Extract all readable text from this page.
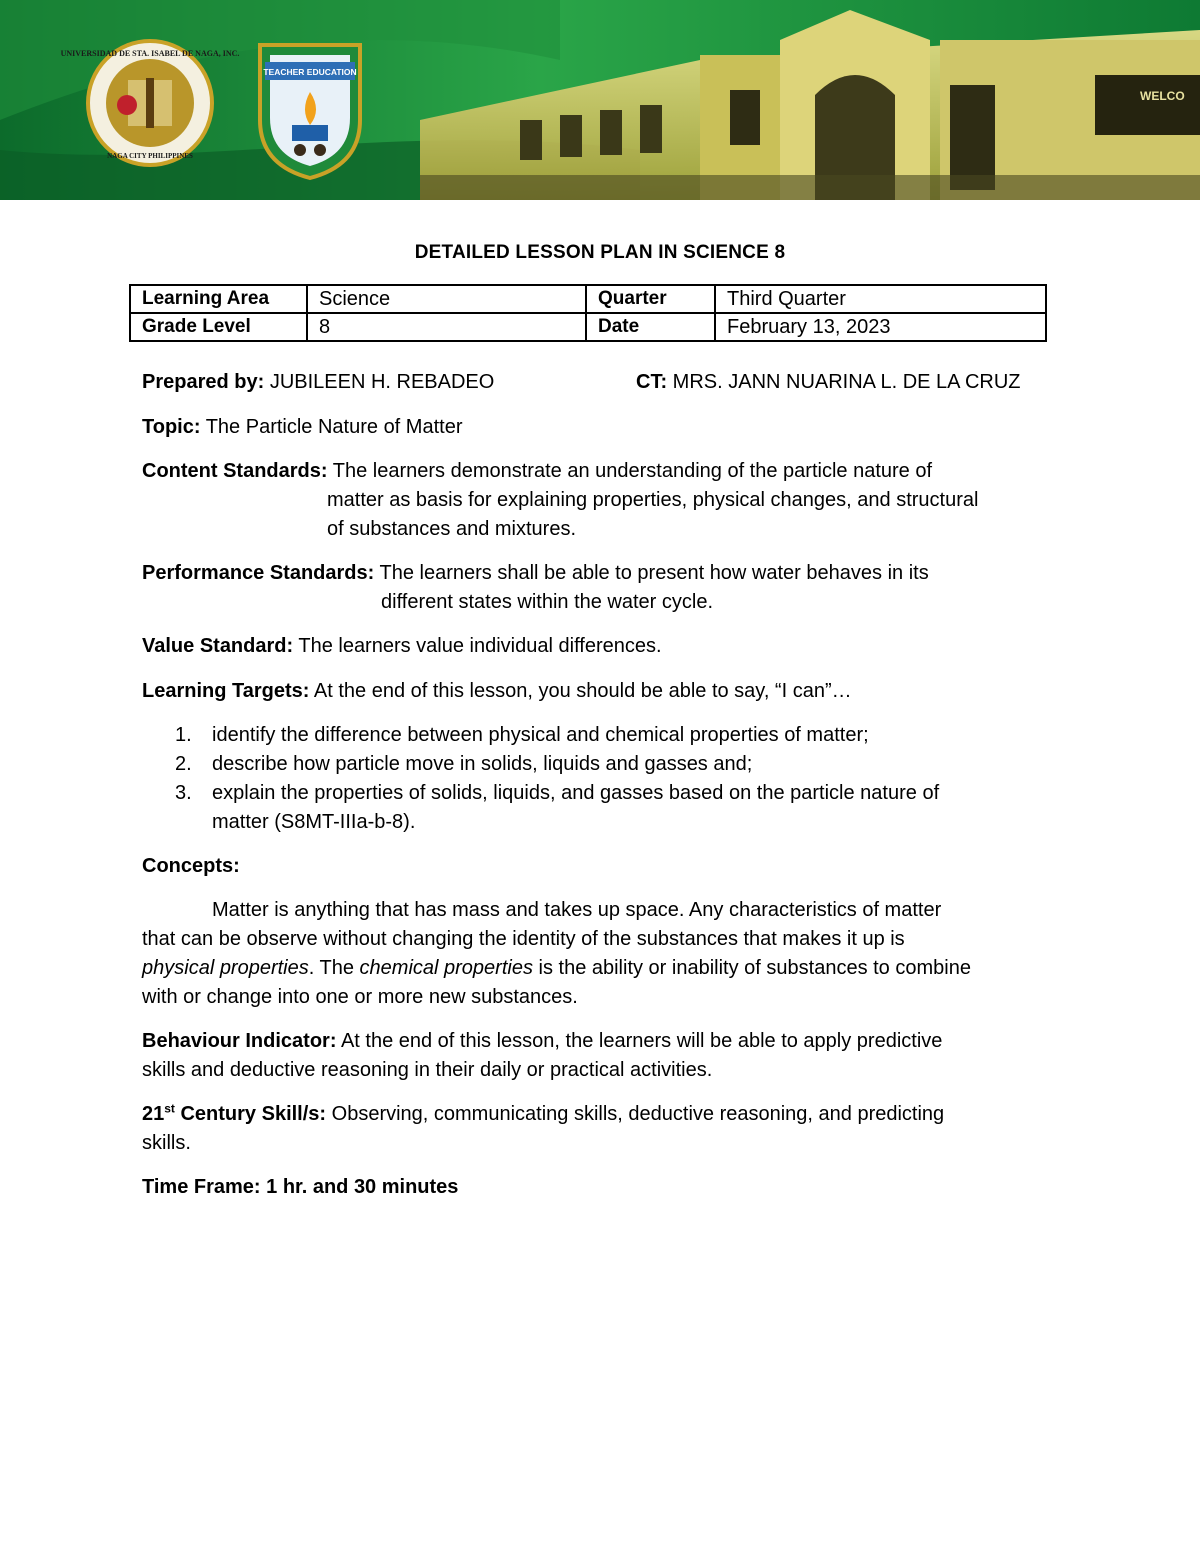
WELCO
UNIVERSIDAD DE STA. ISABEL DE NAGA, INC.
NAGA CITY PHILIPPINES
TEACHER EDUCATION
DETAILED LESSON PLAN IN SCIENCE 8
Learning Area	Science	Quarter	Third Quarter
Grade Level	8	Date	February 13, 2023
Prepared by: JUBILEEN H. REBADEO	CT: MRS. JANN NUARINA L. DE LA CRUZ
Topic: The Particle Nature of Matter
Content Standards: The learners demonstrate an understanding of the particle nature of
matter as basis for explaining properties, physical changes, and structural
of substances and mixtures.
Performance Standards: The learners shall be able to present how water behaves in its
different states within the water cycle.
Value Standard: The learners value individual differences.
Learning Targets: At the end of this lesson, you should be able to say, “I can”…
1. identify the difference between physical and chemical properties of matter;
2. describe how particle move in solids, liquids and gasses and;
3. explain the properties of solids, liquids, and gasses based on the particle nature of
matter (S8MT-IIIa-b-8).
Concepts:
Matter is anything that has mass and takes up space. Any characteristics of matter
that can be observe without changing the identity of the substances that makes it up is
physical properties. The chemical properties is the ability or inability of substances to combine
with or change into one or more new substances.
Behaviour Indicator: At the end of this lesson, the learners will be able to apply predictive
skills and deductive reasoning in their daily or practical activities.
21st Century Skill/s: Observing, communicating skills, deductive reasoning, and predicting
skills.
Time Frame: 1 hr. and 30 minutes
